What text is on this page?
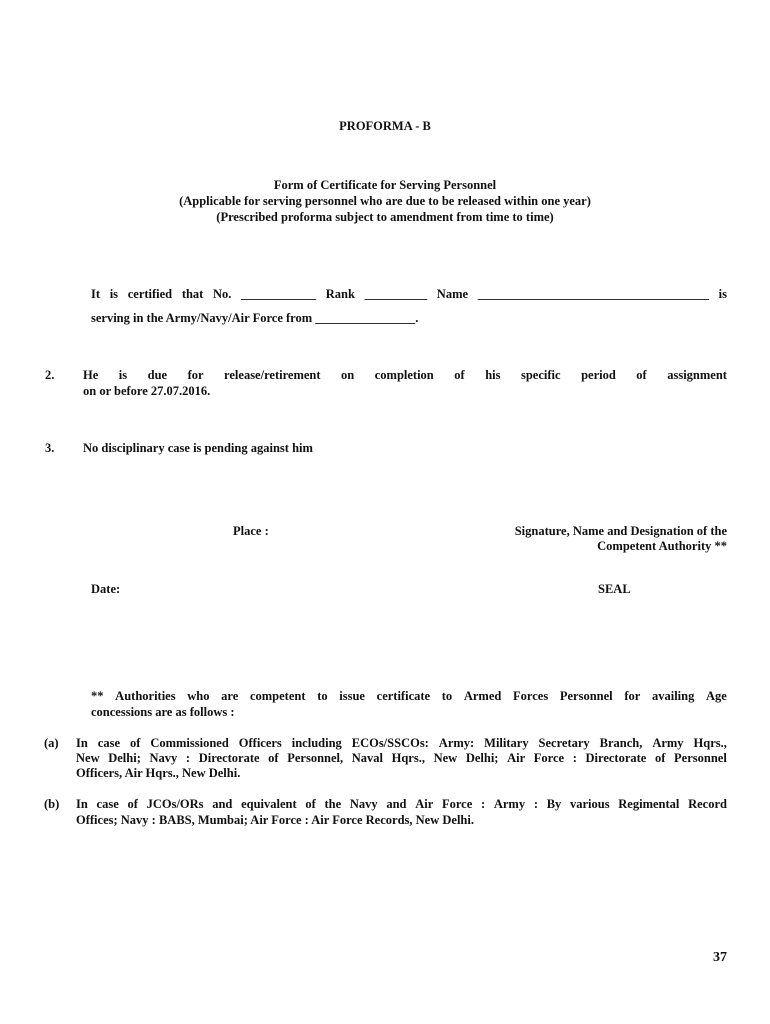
PROFORMA - B
Form of Certificate for Serving Personnel
(Applicable for serving personnel who are due to be released within one year)
(Prescribed proforma subject to amendment from time to time)
It is certified that No. ____________ Rank __________ Name _____________________________________ is
serving in the Army/Navy/Air Force from ________________.
2. He is due for release/retirement on completion of his specific period of assignment
on or before 27.07.2016.
3. No disciplinary case is pending against him
Place :	Signature, Name and Designation of the
Competent Authority **
Date:	SEAL
** Authorities who are competent to issue certificate to Armed Forces Personnel for availing Age
concessions are as follows :
(a) In case of Commissioned Officers including ECOs/SSCOs: Army: Military Secretary Branch, Army Hqrs.,
New Delhi; Navy : Directorate of Personnel, Naval Hqrs., New Delhi; Air Force : Directorate of Personnel
Officers, Air Hqrs., New Delhi.
(b) In case of JCOs/ORs and equivalent of the Navy and Air Force : Army : By various Regimental Record
Offices; Navy : BABS, Mumbai; Air Force : Air Force Records, New Delhi.
37
